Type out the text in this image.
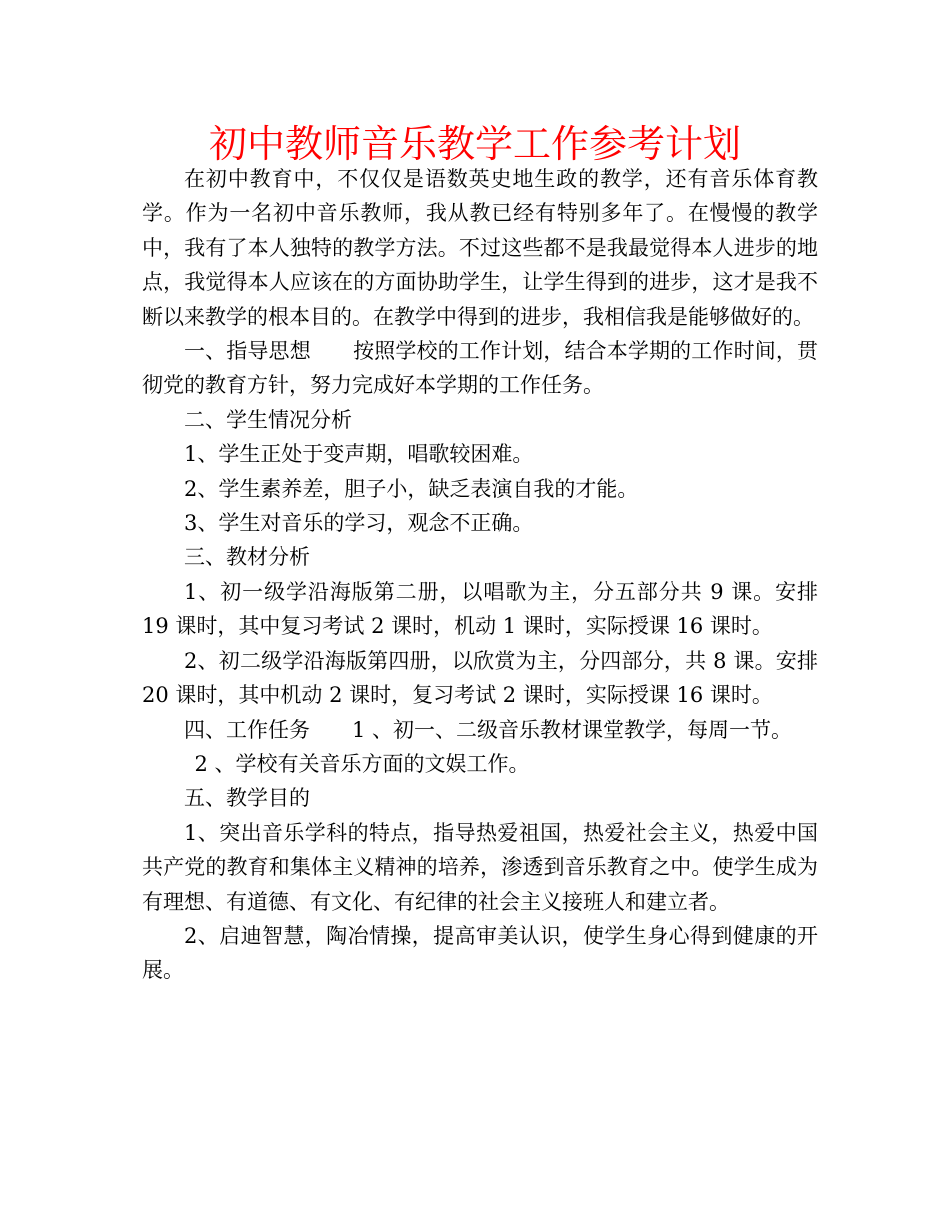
初中教师音乐教学工作参考计划

在初中教育中，不仅仅是语数英史地生政的教学，还有音乐体育教学。作为一名初中音乐教师，我从教已经有特别多年了。在慢慢的教学中，我有了本人独特的教学方法。不过这些都不是我最觉得本人进步的地点，我觉得本人应该在的方面协助学生，让学生得到的进步，这才是我不断以来教学的根本目的。在教学中得到的进步，我相信我是能够做好的。

一、指导思想　　按照学校的工作计划，结合本学期的工作时间，贯彻党的教育方针，努力完成好本学期的工作任务。

二、学生情况分析

1、学生正处于变声期，唱歌较困难。

2、学生素养差，胆子小，缺乏表演自我的才能。

3、学生对音乐的学习，观念不正确。

三、教材分析

1、初一级学沿海版第二册，以唱歌为主，分五部分共 9 课。安排 19 课时，其中复习考试 2 课时，机动 1 课时，实际授课 16 课时。

2、初二级学沿海版第四册，以欣赏为主，分四部分，共 8 课。安排 20 课时，其中机动 2 课时，复习考试 2 课时，实际授课 16 课时。

四、工作任务　　1 、初一、二级音乐教材课堂教学，每周一节。

2 、学校有关音乐方面的文娱工作。

五、教学目的

1、突出音乐学科的特点，指导热爱祖国，热爱社会主义，热爱中国共产党的教育和集体主义精神的培养，渗透到音乐教育之中。使学生成为有理想、有道德、有文化、有纪律的社会主义接班人和建立者。

2、启迪智慧，陶冶情操，提高审美认识，使学生身心得到健康的开展。
